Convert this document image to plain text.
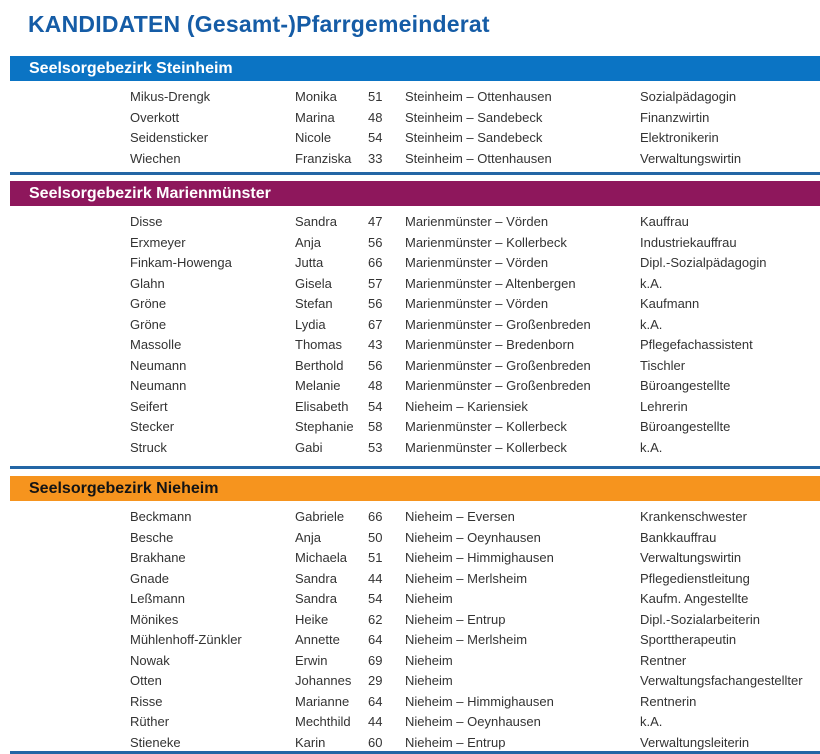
KANDIDATEN (Gesamt-)Pfarrgemeinderat
Seelsorgebezirk Steinheim
Mikus-Drengk	Monika 51 Steinheim – Ottenhausen	Sozialpädagogin
Overkott	Marina	48 Steinheim – Sandebeck	Finanzwirtin
Seidensticker	Nicole	54 Steinheim – Sandebeck	Elektronikerin
Wiechen	Franziska 33 Steinheim – Ottenhausen	Verwaltungswirtin
Seelsorgebezirk Marienmünster
Disse	Sandra 47 Marienmünster – Vörden	Kauffrau
Erxmeyer	Anja	56 Marienmünster – Kollerbeck	Industriekauffrau
Finkam-Howenga	Jutta	66 Marienmünster – Vörden	Dipl.-Sozialpädagogin
Glahn	Gisela	57 Marienmünster – Altenbergen	k.A.
Gröne	Stefan	56 Marienmünster – Vörden	Kaufmann
Gröne	Lydia	67 Marienmünster – Großenbreden	k.A.
Massolle	Thomas 43 Marienmünster – Bredenborn	Pflegefachassistent
Neumann	Berthold 56 Marienmünster – Großenbreden	Tischler
Neumann	Melanie 48 Marienmünster – Großenbreden	Büroangestellte
Seifert	Elisabeth 54 Nieheim – Kariensiek	Lehrerin
Stecker	Stephanie 58 Marienmünster – Kollerbeck	Büroangestellte
Struck	Gabi	53 Marienmünster – Kollerbeck	k.A.
Seelsorgebezirk Nieheim
Beckmann	Gabriele 66 Nieheim – Eversen	Krankenschwester
Besche	Anja	50 Nieheim – Oeynhausen	Bankkauffrau
Brakhane	Michaela 51 Nieheim – Himmighausen	Verwaltungswirtin
Gnade	Sandra 44 Nieheim – Merlsheim	Pflegedienstleitung
Leßmann	Sandra 54 Nieheim	Kaufm. Angestellte
Mönikes	Heike	62 Nieheim – Entrup	Dipl.-Sozialarbeiterin
Mühlenhoff-Zünkler	Annette 64 Nieheim – Merlsheim	Sporttherapeutin
Nowak	Erwin	69 Nieheim	Rentner
Otten	Johannes 29 Nieheim	Verwaltungsfachangestellter
Risse	Marianne 64 Nieheim – Himmighausen	Rentnerin
Rüther	Mechthild 44 Nieheim – Oeynhausen	k.A.
Stieneke	Karin	60 Nieheim – Entrup	Verwaltungsleiterin
